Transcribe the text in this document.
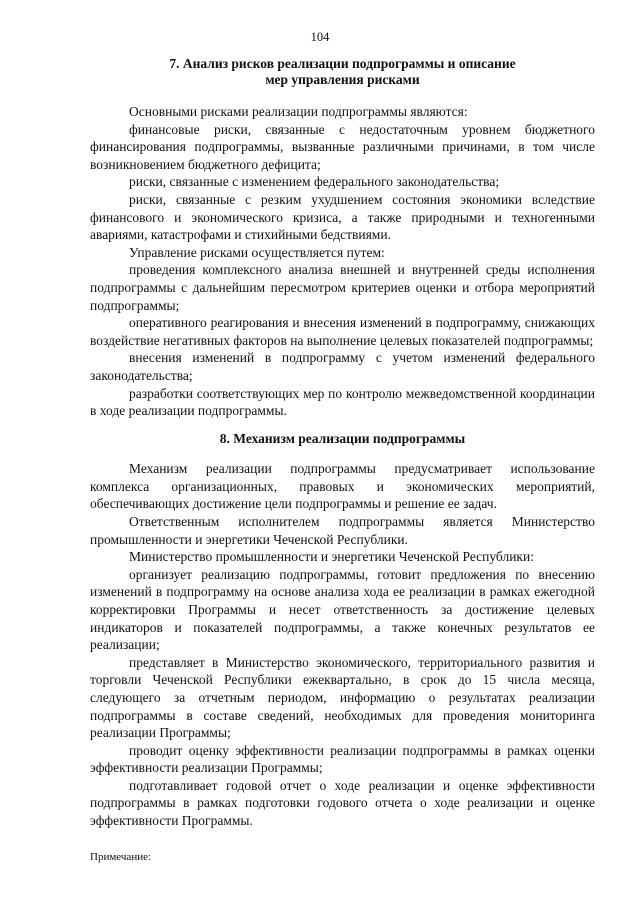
104
7. Анализ рисков реализации подпрограммы и описание
мер управления рисками

Основными рисками реализации подпрограммы являются:

финансовые риски, связанные с недостаточным уровнем бюджетного финансирования подпрограммы, вызванные различными причинами, в том числе возникновением бюджетного дефицита;

риски, связанные с изменением федерального законодательства;

риски, связанные с резким ухудшением состояния экономики вследствие финансового и экономического кризиса, а также природными и техногенными авариями, катастрофами и стихийными бедствиями.

Управление рисками осуществляется путем:

проведения комплексного анализа внешней и внутренней среды исполнения подпрограммы с дальнейшим пересмотром критериев оценки и отбора мероприятий подпрограммы;

оперативного реагирования и внесения изменений в подпрограмму, снижающих воздействие негативных факторов на выполнение целевых показателей подпрограммы;

внесения изменений в подпрограмму с учетом изменений федерального законодательства;

разработки соответствующих мер по контролю межведомственной координации в ходе реализации подпрограммы.

8. Механизм реализации подпрограммы

Механизм реализации подпрограммы предусматривает использование комплекса организационных, правовых и экономических мероприятий, обеспечивающих достижение цели подпрограммы и решение ее задач.

Ответственным исполнителем подпрограммы является Министерство промышленности и энергетики Чеченской Республики.

Министерство промышленности и энергетики Чеченской Республики:

организует реализацию подпрограммы, готовит предложения по внесению изменений в подпрограмму на основе анализа хода ее реализации в рамках ежегодной корректировки Программы и несет ответственность за достижение целевых индикаторов и показателей подпрограммы, а также конечных результатов ее реализации;

представляет в Министерство экономического, территориального развития и торговли Чеченской Республики ежеквартально, в срок до 15 числа месяца, следующего за отчетным периодом, информацию о результатах реализации подпрограммы в составе сведений, необходимых для проведения мониторинга реализации Программы;

проводит оценку эффективности реализации подпрограммы в рамках оценки эффективности реализации Программы;

подготавливает годовой отчет о ходе реализации и оценке эффективности подпрограммы в рамках подготовки годового отчета о ходе реализации и оценке эффективности Программы.

Примечание:
